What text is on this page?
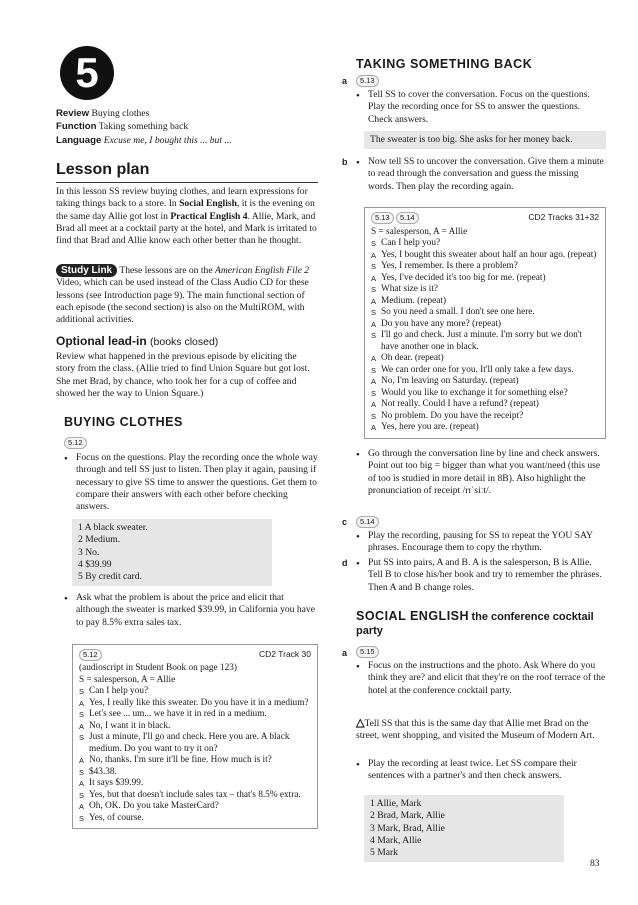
5	PRACTICAL ENGLISH
AT A DEPARTMENT STORE
Review Buying clothes
Function Taking something back
Language Excuse me, I bought this ... but ...
Lesson plan
In this lesson SS review buying clothes, and learn expressions for taking things back to a store. In Social English, it is the evening on the same day Allie got lost in Practical English 4. Allie, Mark, and Brad all meet at a cocktail party at the hotel, and Mark is irritated to find that Brad and Allie know each other better than he thought.
Study Link These lessons are on the American English File 2 Video, which can be used instead of the Class Audio CD for these lessons (see Introduction page 9). The main functional section of each episode (the second section) is also on the MultiROM, with additional activities.
Optional lead-in (books closed)
Review what happened in the previous episode by eliciting the story from the class. (Allie tried to find Union Square but got lost. She met Brad, by chance, who took her for a cup of coffee and showed her the way to Union Square.)
BUYING CLOTHES
5.12
• Focus on the questions. Play the recording once the whole way through and tell SS just to listen. Then play it again, pausing if necessary to give SS time to answer the questions. Get them to compare their answers with each other before checking answers.
1 A black sweater.
2 Medium.
3 No.
4 $39.99
5 By credit card.
• Ask what the problem is about the price and elicit that although the sweater is marked $39.99, in California you have to pay 8.5% extra sales tax.
5.12	CD2 Track 30
(audioscript in Student Book on page 123)
S = salesperson, A = Allie
S Can I help you?
A Yes, I really like this sweater. Do you have it in a medium?
S Let's see ... um... we have it in red in a medium.
A No, I want it in black.
S Just a minute, I'll go and check. Here you are. A black medium. Do you want to try it on?
A No, thanks. I'm sure it'll be fine. How much is it?
S $43.38.
A It says $39.99.
S Yes, but that doesn't include sales tax – that's 8.5% extra.
A Oh, OK. Do you take MasterCard?
S Yes, of course.
TAKING SOMETHING BACK
a	5.13
• Tell SS to cover the conversation. Focus on the questions. Play the recording once for SS to answer the questions. Check answers.
The sweater is too big. She asks for her money back.
b • Now tell SS to uncover the conversation. Give them a minute to read through the conversation and guess the missing words. Then play the recording again.
5.13 5.14	CD2 Tracks 31+32
S = salesperson, A = Allie
S Can I help you?
A Yes, I bought this sweater about half an hour ago. (repeat)
S Yes, I remember. Is there a problem?
A Yes, I've decided it's too big for me. (repeat)
S What size is it?
A Medium. (repeat)
S So you need a small. I don't see one here.
A Do you have any more? (repeat)
S I'll go and check. Just a minute. I'm sorry but we don't have another one in black.
A Oh dear. (repeat)
S We can order one for you. It'll only take a few days.
A No, I'm leaving on Saturday. (repeat)
S Would you like to exchange it for something else?
A Not really. Could I have a refund? (repeat)
S No problem. Do you have the receipt?
A Yes, here you are. (repeat)
• Go through the conversation line by line and check answers. Point out too big = bigger than what you want/need (this use of too is studied in more detail in 8B). Also highlight the pronunciation of receipt /rɪˈsiːt/.
c	5.14
• Play the recording, pausing for SS to repeat the YOU SAY phrases. Encourage them to copy the rhythm.
d • Put SS into pairs, A and B. A is the salesperson, B is Allie. Tell B to close his/her book and try to remember the phrases. Then A and B change roles.
SOCIAL ENGLISH the conference cocktail party
a	5.15
• Focus on the instructions and the photo. Ask Where do you think they are? and elicit that they're on the roof terrace of the hotel at the conference cocktail party.
△Tell SS that this is the same day that Allie met Brad on the street, went shopping, and visited the Museum of Modern Art.
• Play the recording at least twice. Let SS compare their sentences with a partner's and then check answers.
1 Allie, Mark
2 Brad, Mark, Allie
3 Mark, Brad, Allie
4 Mark, Allie
5 Mark
83
